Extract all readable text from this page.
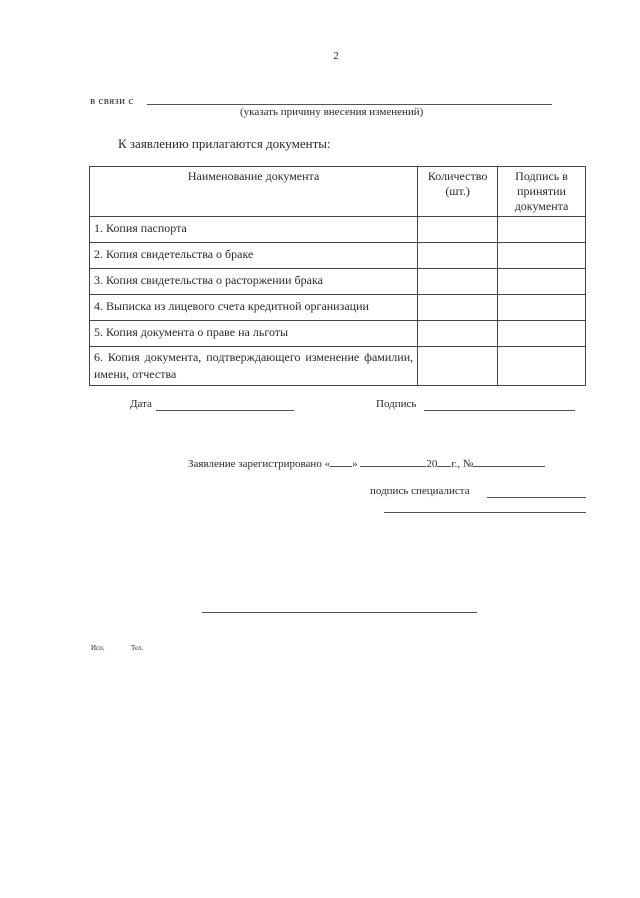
2
в связи с
(указать причину внесения изменений)
К заявлению прилагаются документы:
Наименование документа	Количество (шт.)	Подпись в принятии документа
1. Копия паспорта		
2. Копия свидетельства о браке		
3. Копия свидетельства о расторжении брака		
4. Выписка из лицевого счета кредитной организации		
5. Копия документа о праве на льготы		
6. Копия документа, подтверждающего изменение фамилии, имени, отчества		
Дата	Подпись
Заявление зарегистрировано « »	20 г., №
подпись специалиста
Исп.	Тел.
